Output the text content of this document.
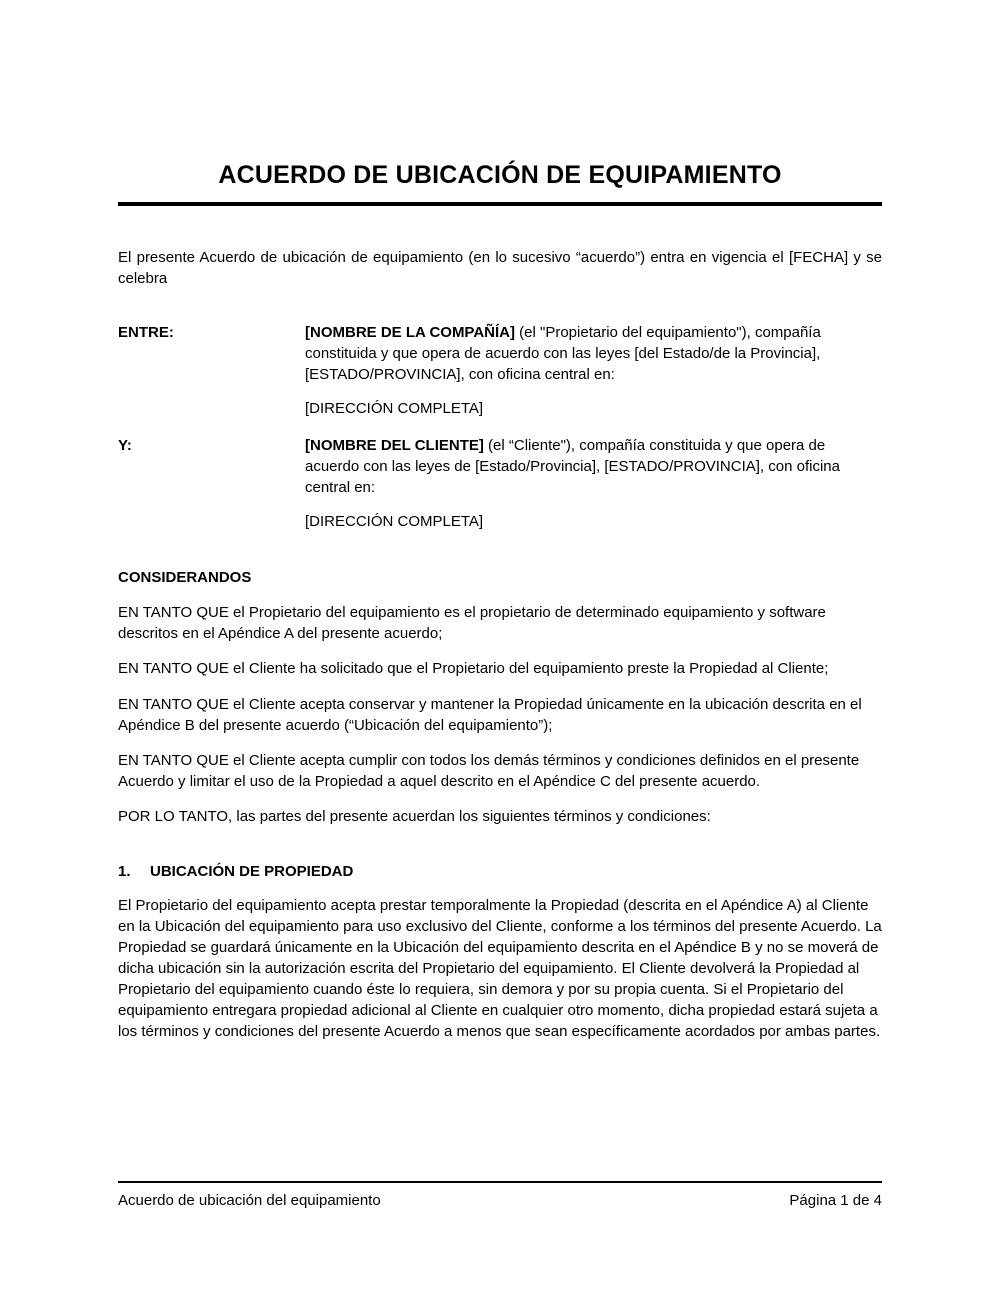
ACUERDO DE UBICACIÓN DE EQUIPAMIENTO

El presente Acuerdo de ubicación de equipamiento (en lo sucesivo “acuerdo”) entra en vigencia el [FECHA] y se celebra

ENTRE:	[NOMBRE DE LA COMPAÑÍA] (el "Propietario del equipamiento"), compañía constituida y que opera de acuerdo con las leyes [del Estado/de la Provincia], [ESTADO/PROVINCIA], con oficina central en:
[DIRECCIÓN COMPLETA]
Y:	[NOMBRE DEL CLIENTE] (el “Cliente"), compañía constituida y que opera de acuerdo con las leyes de [Estado/Provincia], [ESTADO/PROVINCIA], con oficina central en:
[DIRECCIÓN COMPLETA]
CONSIDERANDOS

EN TANTO QUE el Propietario del equipamiento es el propietario de determinado equipamiento y software descritos en el Apéndice A del presente acuerdo;

EN TANTO QUE el Cliente ha solicitado que el Propietario del equipamiento preste la Propiedad al Cliente;

EN TANTO QUE el Cliente acepta conservar y mantener la Propiedad únicamente en la ubicación descrita en el Apéndice B del presente acuerdo (“Ubicación del equipamiento”);

EN TANTO QUE el Cliente acepta cumplir con todos los demás términos y condiciones definidos en el presente Acuerdo y limitar el uso de la Propiedad a aquel descrito en el Apéndice C del presente acuerdo.

POR LO TANTO, las partes del presente acuerdan los siguientes términos y condiciones:

1.	UBICACIÓN DE PROPIEDAD

El Propietario del equipamiento acepta prestar temporalmente la Propiedad (descrita en el Apéndice A) al Cliente en la Ubicación del equipamiento para uso exclusivo del Cliente, conforme a los términos del presente Acuerdo. La Propiedad se guardará únicamente en la Ubicación del equipamiento descrita en el Apéndice B y no se moverá de dicha ubicación sin la autorización escrita del Propietario del equipamiento. El Cliente devolverá la Propiedad al Propietario del equipamiento cuando éste lo requiera, sin demora y por su propia cuenta. Si el Propietario del equipamiento entregara propiedad adicional al Cliente en cualquier otro momento, dicha propiedad estará sujeta a los términos y condiciones del presente Acuerdo a menos que sean específicamente acordados por ambas partes.

Acuerdo de ubicación del equipamiento	Página 1 de 4
